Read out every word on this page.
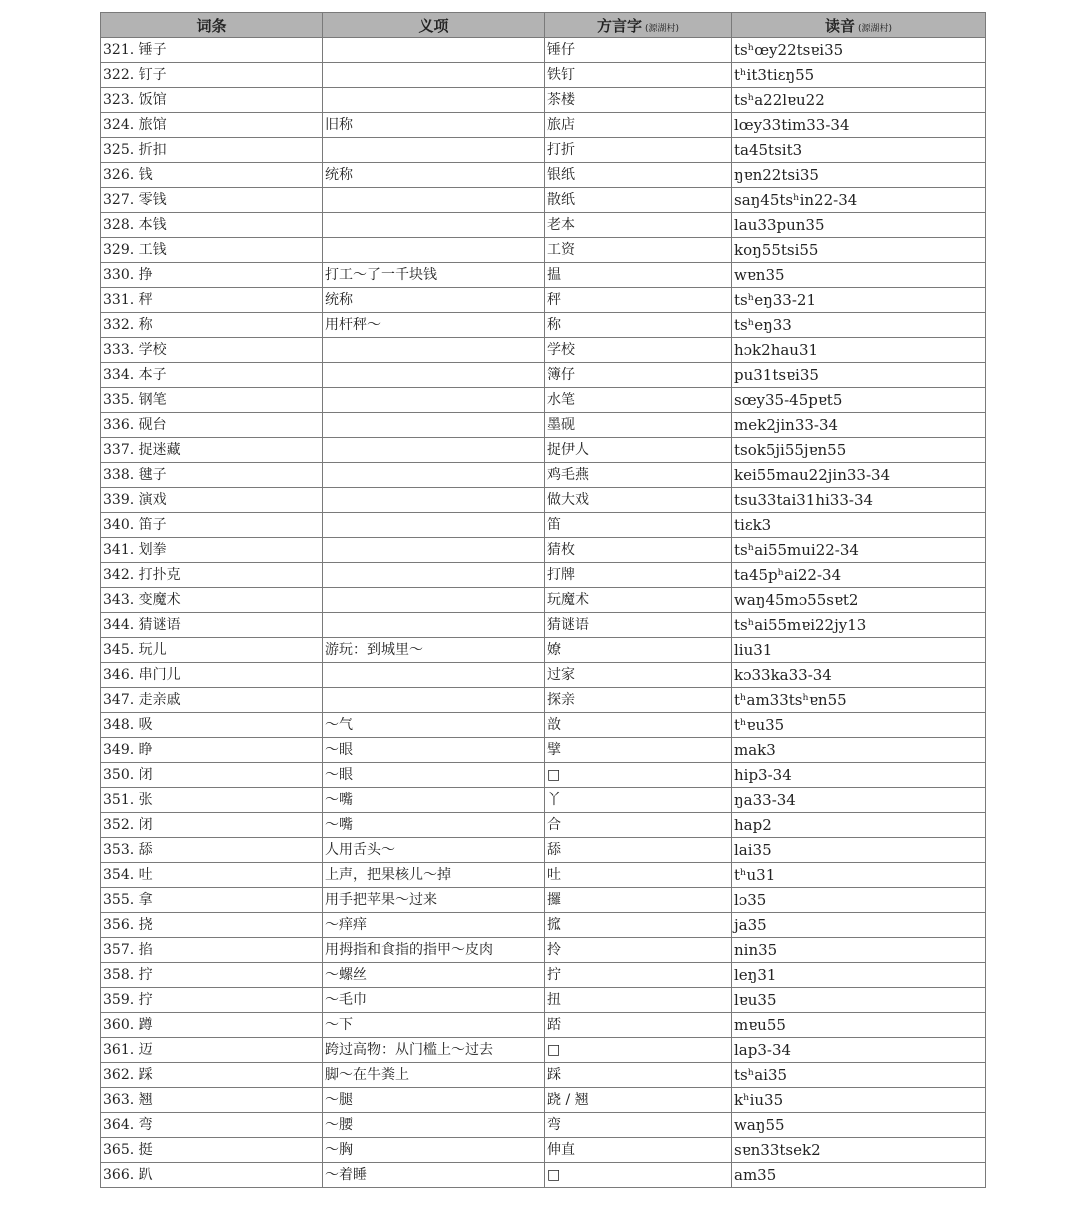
词条	义项	方言字 (源湖村)	读音 (源湖村)
321. 锤子		锤仔	tsʰœy22tsɐi35
322. 钉子		铁钉	tʰit3tiɛŋ55
323. 饭馆		茶楼	tsʰa22lɐu22
324. 旅馆	旧称	旅店	lœy33tim33-34
325. 折扣		打折	ta45tsit3
326. 钱	统称	银纸	ŋɐn22tsi35
327. 零钱		散纸	saŋ45tsʰin22-34
328. 本钱		老本	lau33pun35
329. 工钱		工资	koŋ55tsi55
330. 挣	打工～了一千块钱	揾	wɐn35
331. 秤	统称	秤	tsʰeŋ33-21
332. 称	用杆秤～	称	tsʰeŋ33
333. 学校		学校	hɔk2hau31
334. 本子		簿仔	pu31tsɐi35
335. 钢笔		水笔	sœy35-45pɐt5
336. 砚台		墨砚	mek2jin33-34
337. 捉迷藏		捉伊人	tsok5ji55jɐn55
338. 毽子		鸡毛燕	kei55mau22jin33-34
339. 演戏		做大戏	tsu33tai31hi33-34
340. 笛子		笛	tiɛk3
341. 划拳		猜枚	tsʰai55mui22-34
342. 打扑克		打牌	ta45pʰai22-34
343. 变魔术		玩魔术	waŋ45mɔ55sɐt2
344. 猜谜语		猜谜语	tsʰai55mɐi22jy13
345. 玩儿	游玩：到城里～	嫽	liu31
346. 串门儿		过家	kɔ33ka33-34
347. 走亲戚		探亲	tʰam33tsʰɐn55
348. 吸	～气	敨	tʰɐu35
349. 睁	～眼	擘	mak3
350. 闭	～眼	□	hip3-34
351. 张	～嘴	丫	ŋa33-34
352. 闭	～嘴	合	hap2
353. 舔	人用舌头～	舔	lai35
354. 吐	上声，把果核儿～掉	吐	tʰu31
355. 拿	用手把苹果～过来	攞	lɔ35
356. 挠	～痒痒	搲	ja35
357. 掐	用拇指和食指的指甲～皮肉	拎	nin35
358. 拧	～螺丝	拧	leŋ31
359. 拧	～毛巾	扭	lɐu35
360. 蹲	～下	踎	mɐu55
361. 迈	跨过高物：从门槛上～过去	□	lap3-34
362. 踩	脚～在牛粪上	踩	tsʰai35
363. 翘	～腿	跷 / 翘	kʰiu35
364. 弯	～腰	弯	waŋ55
365. 挺	～胸	伸直	sɐn33tsek2
366. 趴	～着睡	□	am35
